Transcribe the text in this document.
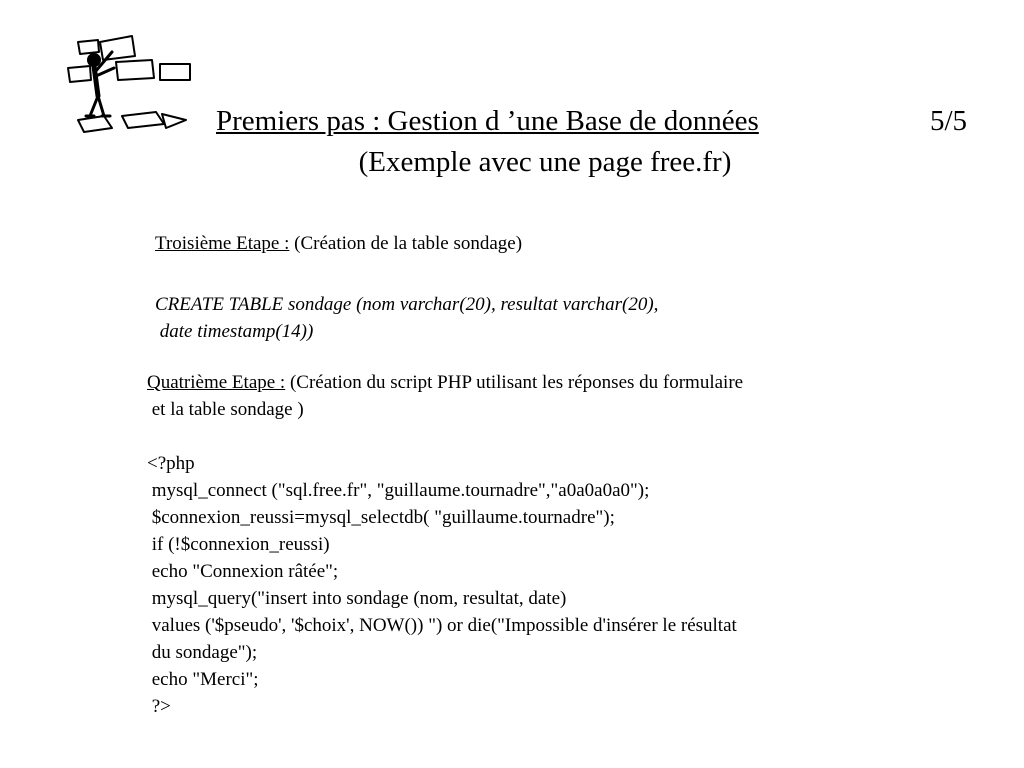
Premiers pas : Gestion d ’une Base de données	5/5
(Exemple avec une page free.fr)
Troisième Etape : (Création de la table sondage)
CREATE TABLE sondage (nom varchar(20), resultat varchar(20),
date timestamp(14))
Quatrième Etape : (Création du script PHP utilisant les réponses du formulaire
et la table sondage )
<?php
mysql_connect ("sql.free.fr", "guillaume.tournadre","a0a0a0a0");
$connexion_reussi=mysql_selectdb( "guillaume.tournadre");
if (!$connexion_reussi)
echo "Connexion râtée";
mysql_query("insert into sondage (nom, resultat, date)
values ('$pseudo', '$choix', NOW()) ") or die("Impossible d'insérer le résultat
du sondage");
echo "Merci";
?>
